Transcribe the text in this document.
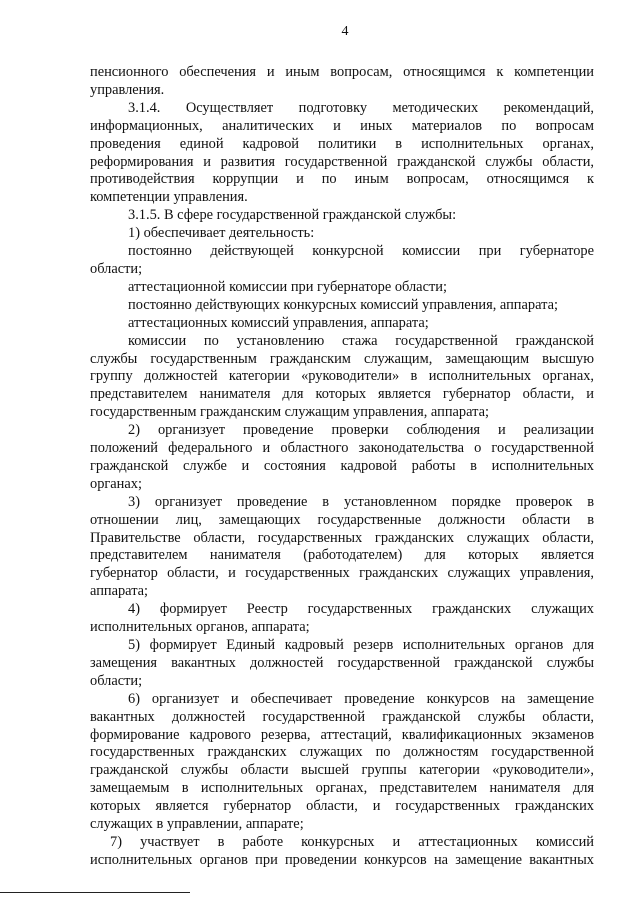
4
пенсионного обеспечения и иным вопросам, относящимся к компетенции
управления.
3.1.4. Осуществляет подготовку методических рекомендаций,
информационных, аналитических и иных материалов по вопросам
проведения единой кадровой политики в исполнительных органах,
реформирования и развития государственной гражданской службы области,
противодействия коррупции и по иным вопросам, относящимся к
компетенции управления.
3.1.5. В сфере государственной гражданской службы:
1) обеспечивает деятельность:
постоянно действующей конкурсной комиссии при губернаторе
области;
аттестационной комиссии при губернаторе области;
постоянно действующих конкурсных комиссий управления, аппарата;
аттестационных комиссий управления, аппарата;
комиссии по установлению стажа государственной гражданской
службы государственным гражданским служащим, замещающим высшую
группу должностей категории «руководители» в исполнительных органах,
представителем нанимателя для которых является губернатор области, и
государственным гражданским служащим управления, аппарата;
2) организует проведение проверки соблюдения и реализации
положений федерального и областного законодательства о государственной
гражданской службе и состояния кадровой работы в исполнительных
органах;
3) организует проведение в установленном порядке проверок в
отношении лиц, замещающих государственные должности области в
Правительстве области, государственных гражданских служащих области,
представителем нанимателя (работодателем) для которых является
губернатор области, и государственных гражданских служащих управления,
аппарата;
4) формирует Реестр государственных гражданских служащих
исполнительных органов, аппарата;
5) формирует Единый кадровый резерв исполнительных органов для
замещения вакантных должностей государственной гражданской службы
области;
6) организует и обеспечивает проведение конкурсов на замещение
вакантных должностей государственной гражданской службы области,
формирование кадрового резерва, аттестаций, квалификационных экзаменов
государственных гражданских служащих по должностям государственной
гражданской службы области высшей группы категории «руководители»,
замещаемым в исполнительных органах, представителем нанимателя для
которых является губернатор области, и государственных гражданских
служащих в управлении, аппарате;
7) участвует в работе конкурсных и аттестационных комиссий
исполнительных органов при проведении конкурсов на замещение вакантных
